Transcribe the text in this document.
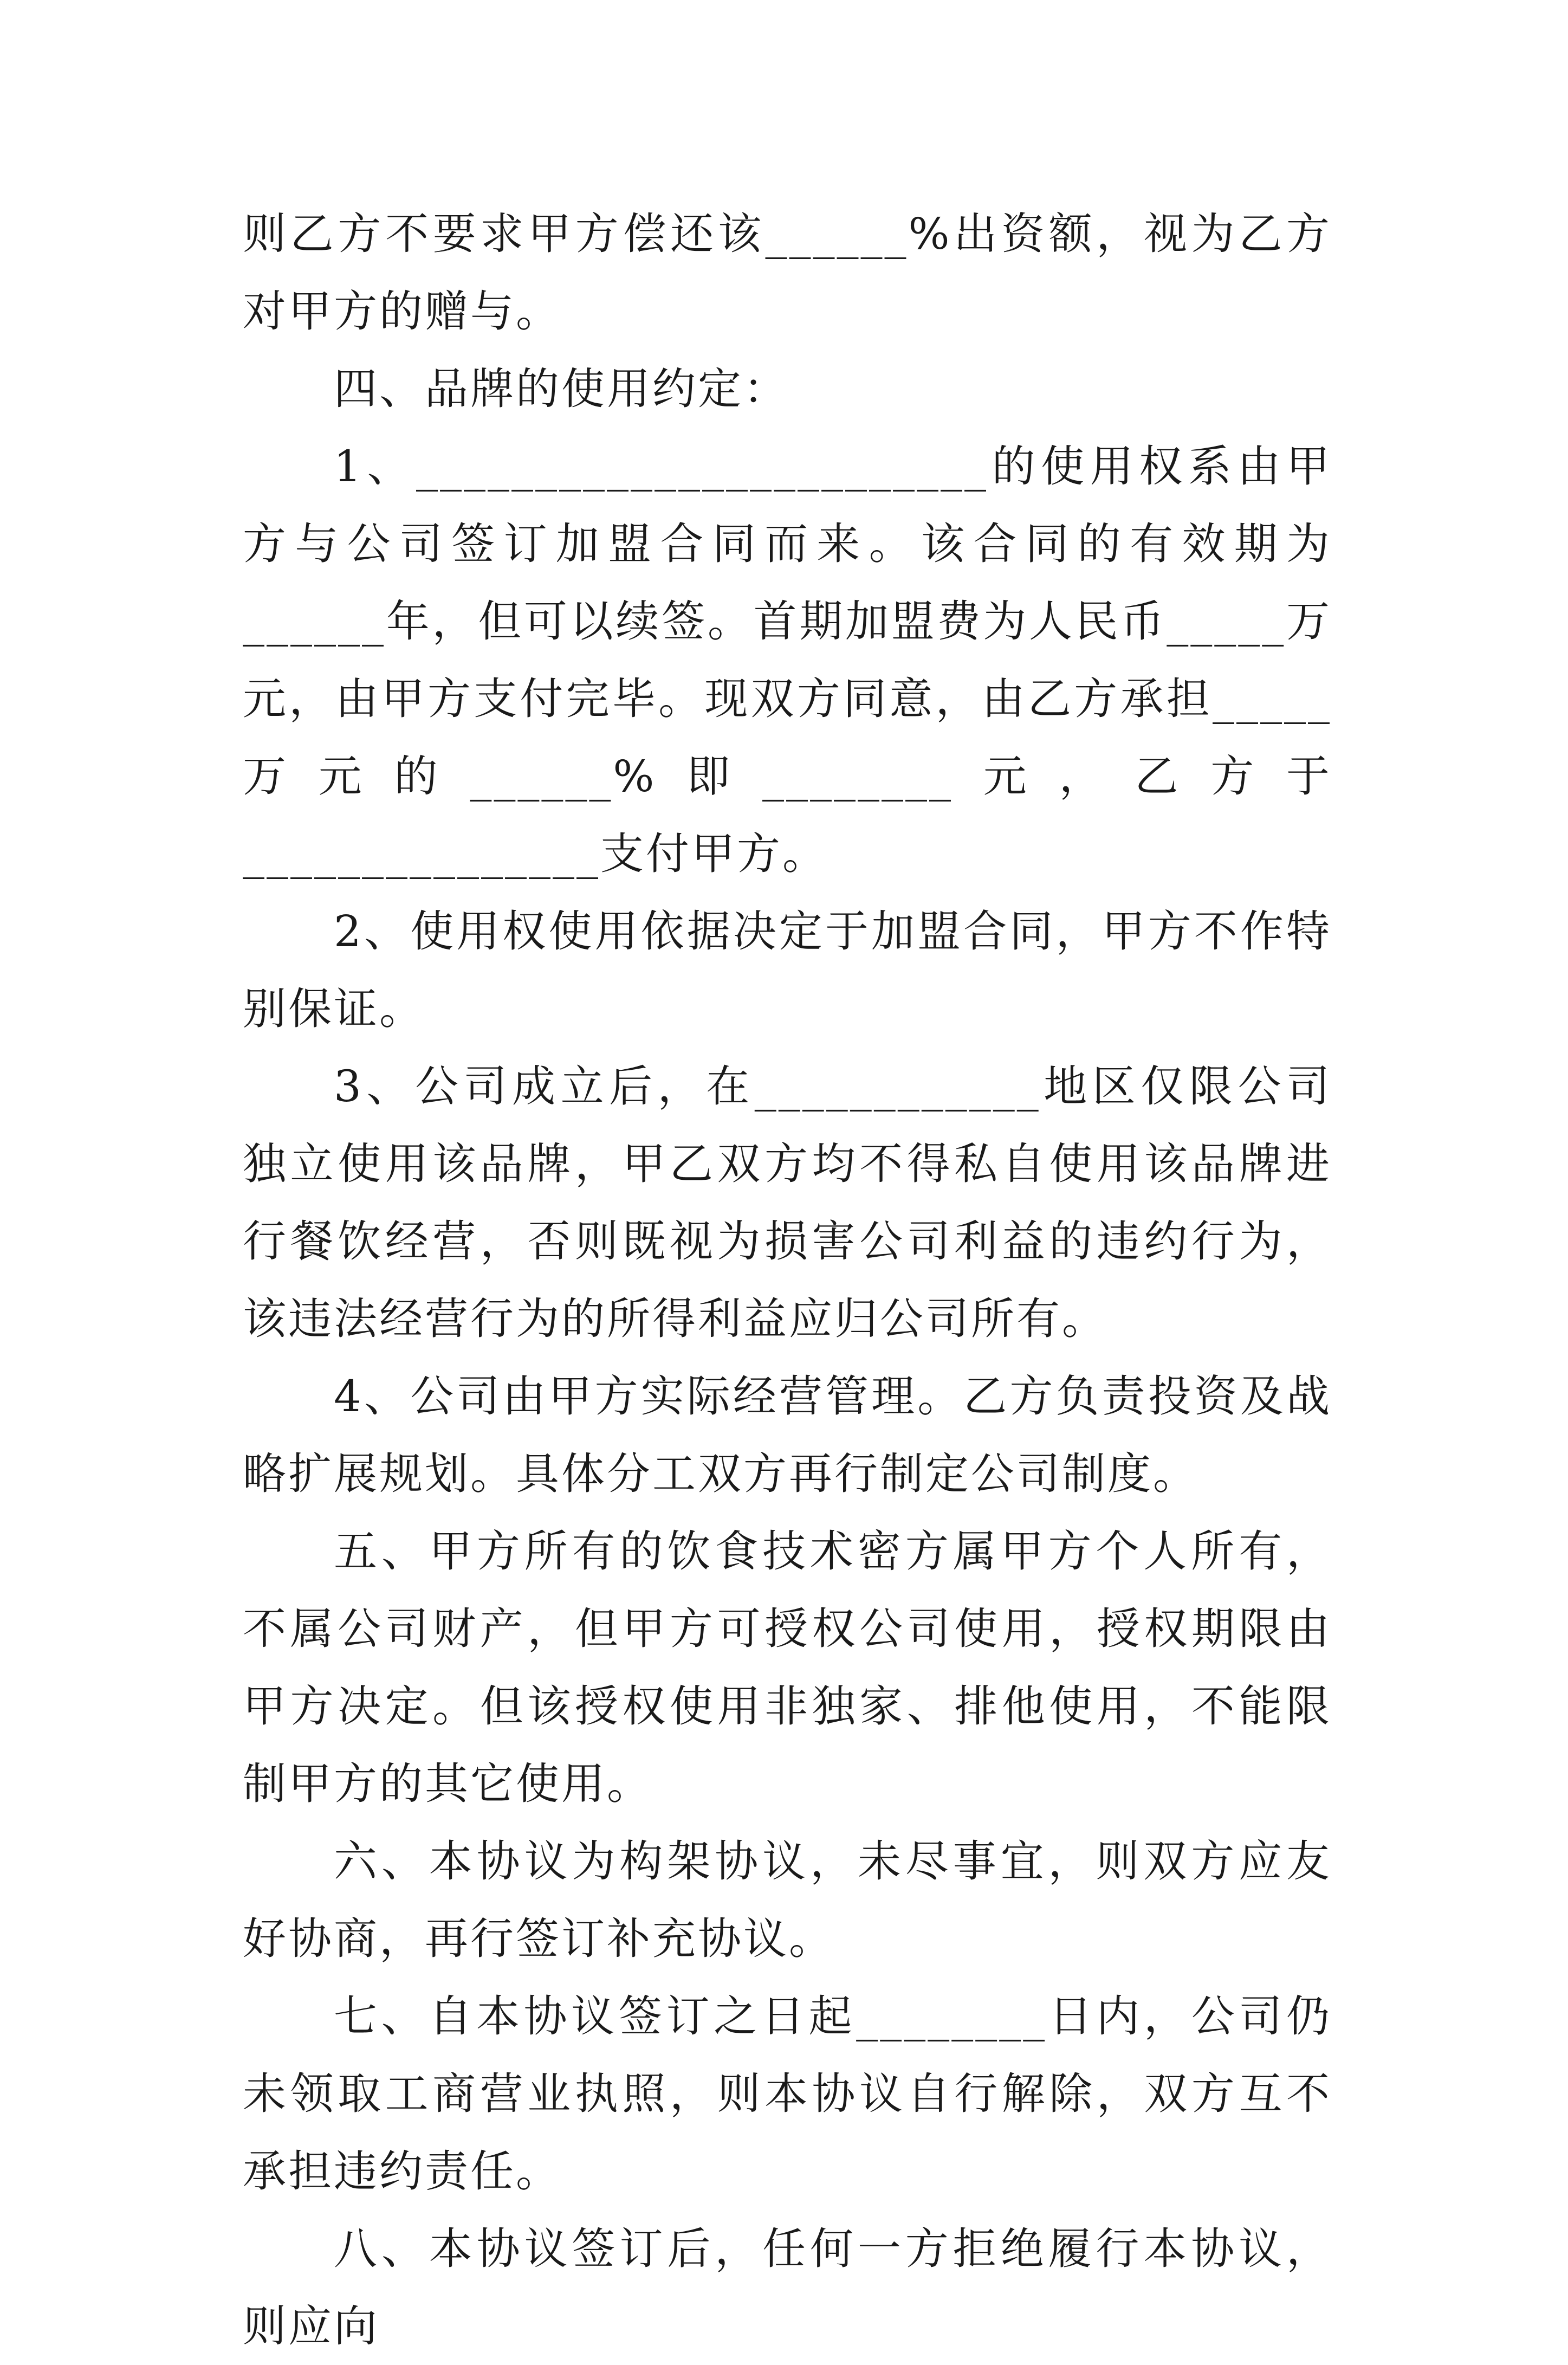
则乙方不要求甲方偿还该______%出资额，视为乙方对甲方的赠与。

四、品牌的使用约定：

1、________________________的使用权系由甲方与公司签订加盟合同而来。该合同的有效期为______年，但可以续签。首期加盟费为人民币_____万元，由甲方支付完毕。现双方同意，由乙方承担_____万元的______%即________元，乙方于_______________支付甲方。

2、使用权使用依据决定于加盟合同，甲方不作特别保证。

3、公司成立后，在____________地区仅限公司独立使用该品牌，甲乙双方均不得私自使用该品牌进行餐饮经营，否则既视为损害公司利益的违约行为，该违法经营行为的所得利益应归公司所有。

4、公司由甲方实际经营管理。乙方负责投资及战略扩展规划。具体分工双方再行制定公司制度。

五、甲方所有的饮食技术密方属甲方个人所有，不属公司财产，但甲方可授权公司使用，授权期限由甲方决定。但该授权使用非独家、排他使用，不能限制甲方的其它使用。

六、本协议为构架协议，未尽事宜，则双方应友好协商，再行签订补充协议。

七、自本协议签订之日起________日内，公司仍未领取工商营业执照，则本协议自行解除，双方互不承担违约责任。

八、本协议签订后，任何一方拒绝履行本协议，则应向
